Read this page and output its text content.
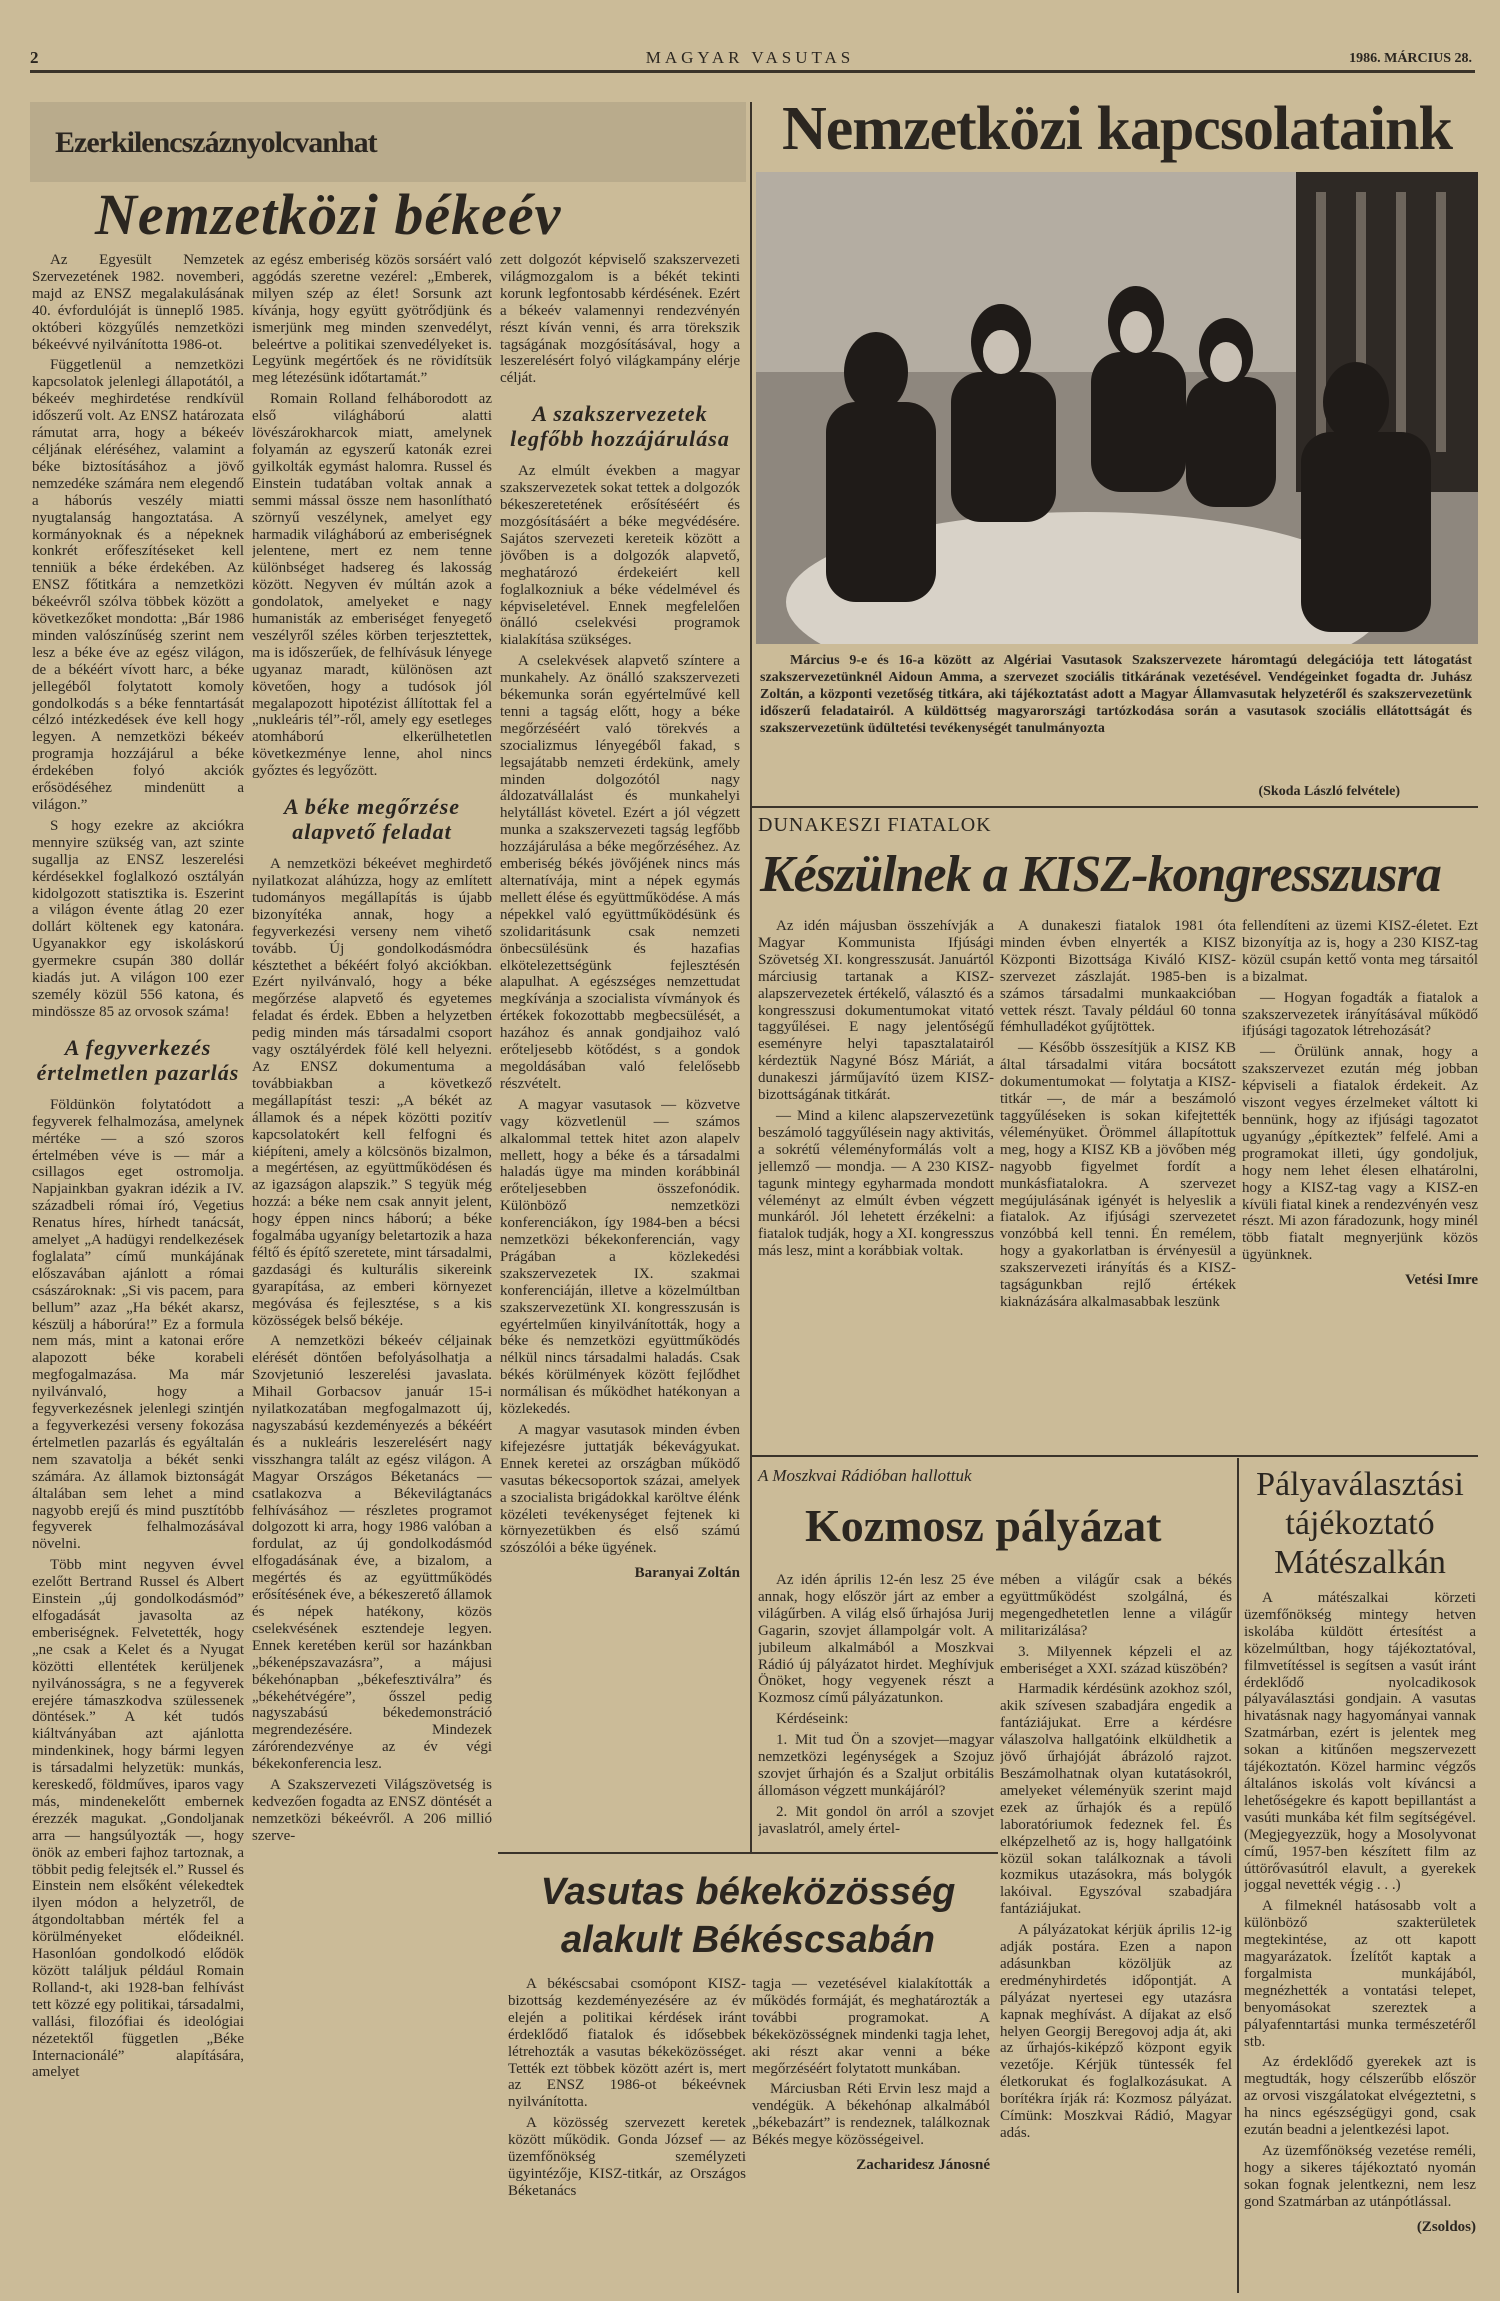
2	MAGYAR VASUTAS	1986. MÁRCIUS 28.
Ezerkilencszáznyolcvanhat
Nemzetközi békeév

Az Egyesült Nemzetek Szervezetének 1982. novemberi, majd az ENSZ megalakulásának 40. évfordulóját is ünneplő 1985. októberi közgyűlés nemzetközi békeévvé nyilvánította 1986-ot.

Függetlenül a nemzetközi kapcsolatok jelenlegi állapotától, a békeév meghirdetése rendkívül időszerű volt. Az ENSZ határozata rámutat arra, hogy a békeév céljának eléréséhez, valamint a béke biztosításához a jövő nemzedéke számára nem elegendő a háborús veszély miatti nyugtalanság hangoztatása. A kormányoknak és a népeknek konkrét erőfeszítéseket kell tenniük a béke érdekében. Az ENSZ főtitkára a nemzetközi békeévről szólva többek között a következőket mondotta: „Bár 1986 minden valószínűség szerint nem lesz a béke éve az egész világon, de a békéért vívott harc, a béke jellegéből folytatott komoly gondolkodás s a béke fenntartását célzó intézkedések éve kell hogy legyen. A nemzetközi békeév programja hozzájárul a béke érdekében folyó akciók erősödéséhez mindenütt a világon.”

S hogy ezekre az akciókra mennyire szükség van, azt szinte sugallja az ENSZ leszerelési kérdésekkel foglalkozó osztályán kidolgozott statisztika is. Eszerint a világon évente átlag 20 ezer dollárt költenek egy katonára. Ugyanakkor egy iskoláskorú gyermekre csupán 380 dollár kiadás jut. A világon 100 ezer személy közül 556 katona, és mindössze 85 az orvosok száma!

A fegyverkezés értelmetlen pazarlás

Földünkön folytatódott a fegyverek felhalmozása, amelynek mértéke — a szó szoros értelmében véve is — már a csillagos eget ostromolja. Napjainkban gyakran idézik a IV. századbeli római író, Vegetius Renatus híres, hírhedt tanácsát, amelyet „A hadügyi rendelkezések foglalata” című munkájának előszavában ajánlott a római császároknak: „Si vis pacem, para bellum” azaz „Ha békét akarsz, készülj a háborúra!” Ez a formula nem más, mint a katonai erőre alapozott béke korabeli megfogalmazása. Ma már nyilvánvaló, hogy a fegyverkezésnek jelenlegi szintjén a fegyverkezési verseny fokozása értelmetlen pazarlás és egyáltalán nem szavatolja a békét senki számára. Az államok biztonságát általában sem lehet a mind nagyobb erejű és mind pusztítóbb fegyverek felhalmozásával növelni.

Több mint negyven évvel ezelőtt Bertrand Russel és Albert Einstein „új gondolkodásmód” elfogadását javasolta az emberiségnek. Felvetették, hogy „ne csak a Kelet és a Nyugat közötti ellentétek kerüljenek nyilvánosságra, s ne a fegyverek erejére támaszkodva szülessenek döntések.” A két tudós kiáltványában azt ajánlotta mindenkinek, hogy bármi legyen is társadalmi helyzetük: munkás, kereskedő, földműves, iparos vagy más, mindenekelőtt embernek érezzék magukat. „Gondoljanak arra — hangsúlyozták —, hogy önök az emberi fajhoz tartoznak, a többit pedig felejtsék el.” Russel és Einstein nem elsőként vélekedtek ilyen módon a helyzetről, de átgondoltabban mérték fel a körülményeket elődeiknél. Hasonlóan gondolkodó elődök között találjuk például Romain Rolland-t, aki 1928-ban felhívást tett közzé egy politikai, társadalmi, vallási, filozófiai és ideológiai nézetektől független „Béke Internacionálé” alapítására, amelyet

az egész emberiség közös sorsáért való aggódás szeretne vezérel: „Emberek, milyen szép az élet! Sorsunk azt kívánja, hogy együtt gyötrődjünk és ismerjünk meg minden szenvedélyt, beleértve a politikai szenvedélyeket is. Legyünk megértőek és ne rövidítsük meg létezésünk időtartamát.”

Romain Rolland felháborodott az első világháború alatti lövészárokharcok miatt, amelynek folyamán az egyszerű katonák ezrei gyilkolták egymást halomra. Russel és Einstein tudatában voltak annak a semmi mással össze nem hasonlítható szörnyű veszélynek, amelyet egy harmadik világháború az emberiségnek jelentene, mert ez nem tenne különbséget hadsereg és lakosság között. Negyven év múltán azok a gondolatok, amelyeket e nagy humanisták az emberiséget fenyegető veszélyről széles körben terjesztettek, ma is időszerűek, de felhívásuk lényege ugyanaz maradt, különösen azt követően, hogy a tudósok jól megalapozott hipotézist állítottak fel a „nukleáris tél”-ről, amely egy esetleges atomháború elkerülhetetlen következménye lenne, ahol nincs győztes és legyőzött.

A béke megőrzése alapvető feladat

A nemzetközi békeévet meghirdető nyilatkozat aláhúzza, hogy az említett tudományos megállapítás is újabb bizonyítéka annak, hogy a fegyverkezési verseny nem vihető tovább. Új gondolkodásmódra késztethet a békéért folyó akciókban. Ezért nyilvánvaló, hogy a béke megőrzése alapvető és egyetemes feladat és érdek. Ebben a helyzetben pedig minden más társadalmi csoport vagy osztályérdek fölé kell helyezni. Az ENSZ dokumentuma a továbbiakban a következő megállapítást teszi: „A békét az államok és a népek közötti pozitív kapcsolatokért kell felfogni és kiépíteni, amely a kölcsönös bizalmon, a megértésen, az együttműködésen és az igazságon alapszik.” S tegyük még hozzá: a béke nem csak annyit jelent, hogy éppen nincs háború; a béke fogalmába ugyanígy beletartozik a haza féltő és építő szeretete, mint társadalmi, gazdasági és kulturális sikereink gyarapítása, az emberi környezet megóvása és fejlesztése, s a kis közösségek belső békéje.

A nemzetközi békeév céljainak elérését döntően befolyásolhatja a Szovjetunió leszerelési javaslata. Mihail Gorbacsov január 15-i nyilatkozatában megfogalmazott új, nagyszabású kezdeményezés a békéért és a nukleáris leszerelésért nagy visszhangra talált az egész világon. A Magyar Országos Béketanács — csatlakozva a Békevilágtanács felhívásához — részletes programot dolgozott ki arra, hogy 1986 valóban a fordulat, az új gondolkodásmód elfogadásának éve, a bizalom, a megértés és az együttműködés erősítésének éve, a békeszerető államok és népek hatékony, közös cselekvésének esztendeje legyen. Ennek keretében kerül sor hazánkban „békenépszavazásra”, a májusi békehónapban „békefesztiválra” és „békehétvégére”, ősszel pedig nagyszabású békedemonstráció megrendezésére. Mindezek zárórendezvénye az év végi békekonferencia lesz.

A Szakszervezeti Világszövetség is kedvezően fogadta az ENSZ döntését a nemzetközi békeévről. A 206 millió szerve-

zett dolgozót képviselő szakszervezeti világmozgalom is a békét tekinti korunk legfontosabb kérdésének. Ezért a békeév valamennyi rendezvényén részt kíván venni, és arra törekszik tagságának mozgósításával, hogy a leszerelésért folyó világkampány elérje célját.

A szakszervezetek legfőbb hozzájárulása

Az elmúlt években a magyar szakszervezetek sokat tettek a dolgozók békeszeretetének erősítéséért és mozgósításáért a béke megvédésére. Sajátos szervezeti kereteik között a jövőben is a dolgozók alapvető, meghatározó érdekeiért kell foglalkozniuk a béke védelmével és képviseletével. Ennek megfelelően önálló cselekvési programok kialakítása szükséges.

A cselekvések alapvető színtere a munkahely. Az önálló szakszervezeti békemunka során egyértelművé kell tenni a tagság előtt, hogy a béke megőrzéséért való törekvés a szocializmus lényegéből fakad, s legsajátabb nemzeti érdekünk, amely minden dolgozótól nagy áldozatvállalást és munkahelyi helytállást követel. Ezért a jól végzett munka a szakszervezeti tagság legfőbb hozzájárulása a béke megőrzéséhez. Az emberiség békés jövőjének nincs más alternatívája, mint a népek egymás mellett élése és együttműködése. A más népekkel való együttműködésünk és szolidaritásunk csak nemzeti önbecsülésünk és hazafias elkötelezettségünk fejlesztésén alapulhat. A egészséges nemzettudat megkívánja a szocialista vívmányok és értékek fokozottabb megbecsülését, a hazához és annak gondjaihoz való erőteljesebb kötődést, s a gondok megoldásában való felelősebb részvételt.

A magyar vasutasok — közvetve vagy közvetlenül — számos alkalommal tettek hitet azon alapelv mellett, hogy a béke és a társadalmi haladás ügye ma minden korábbinál erőteljesebben összefonódik. Különböző nemzetközi konferenciákon, így 1984-ben a bécsi nemzetközi békekonferencián, vagy Prágában a közlekedési szakszervezetek IX. szakmai konferenciáján, illetve a közelmúltban szakszervezetünk XI. kongresszusán is egyértelműen kinyilvánították, hogy a béke és nemzetközi együttműködés nélkül nincs társadalmi haladás. Csak békés körülmények között fejlődhet normálisan és működhet hatékonyan a közlekedés.

A magyar vasutasok minden évben kifejezésre juttatják békevágyukat. Ennek keretei az országban működő vasutas békecsoportok százai, amelyek a szocialista brigádokkal karöltve élénk közéleti tevékenységet fejtenek ki környezetükben és első számú szószólói a béke ügyének.

Baranyai Zoltán

Nemzetközi kapcsolataink
Március 9-e és 16-a között az Algériai Vasutasok Szakszervezete háromtagú delegációja tett látogatást szakszervezetünknél Aidoun Amma, a szervezet szociális titkárának vezetésével. Vendégeinket fogadta dr. Juhász Zoltán, a központi vezetőség titkára, aki tájékoztatást adott a Magyar Államvasutak helyzetéről és szakszervezetünk időszerű feladatairól. A küldöttség magyarországi tartózkodása során a vasutasok szociális ellátottságát és szakszervezetünk üdültetési tevékenységét tanulmányozta
(Skoda László felvétele)
DUNAKESZI FIATALOK
Készülnek a KISZ-kongresszusra

Az idén májusban összehívják a Magyar Kommunista Ifjúsági Szövetség XI. kongresszusát. Januártól márciusig tartanak a KISZ-alapszervezetek értékelő, választó és a kongresszusi dokumentumokat vitató taggyűlései. E nagy jelentőségű eseményre helyi tapasztalatairól kérdeztük Nagyné Bósz Máriát, a dunakeszi járműjavító üzem KISZ-bizottságának titkárát.

— Mind a kilenc alapszervezetünk beszámoló taggyűlésein nagy aktivitás, a sokrétű véleményformálás volt a jellemző — mondja. — A 230 KISZ-tagunk mintegy egyharmada mondott véleményt az elmúlt évben végzett munkáról. Jól lehetett érzékelni: a fiatalok tudják, hogy a XI. kongresszus más lesz, mint a korábbiak voltak.

A dunakeszi fiatalok 1981 óta minden évben elnyerték a KISZ Központi Bizottsága Kiváló KISZ-szervezet zászlaját. 1985-ben is számos társadalmi munkaakcióban vettek részt. Tavaly például 60 tonna fémhulladékot gyűjtöttek.

— Később összesítjük a KISZ KB által társadalmi vitára bocsátott dokumentumokat — folytatja a KISZ-titkár —, de már a beszámoló taggyűléseken is sokan kifejtették véleményüket. Örömmel állapítottuk meg, hogy a KISZ KB a jövőben még nagyobb figyelmet fordít a munkásfiatalokra. A szervezet megújulásának igényét is helyeslik a fiatalok. Az ifjúsági szervezetet vonzóbbá kell tenni. Én remélem, hogy a gyakorlatban is érvényesül a szakszervezeti irányítás és a KISZ-tagságunkban rejlő értékek kiaknázására alkalmasabbak leszünk

fellendíteni az üzemi KISZ-életet. Ezt bizonyítja az is, hogy a 230 KISZ-tag közül csupán kettő vonta meg társaitól a bizalmat.

— Hogyan fogadták a fiatalok a szakszervezetek irányításával működő ifjúsági tagozatok létrehozását?

— Örülünk annak, hogy a szakszervezet ezután még jobban képviseli a fiatalok érdekeit. Az viszont vegyes érzelmeket váltott ki bennünk, hogy az ifjúsági tagozatot ugyanúgy „építkeztek” felfelé. Ami a programokat illeti, úgy gondoljuk, hogy nem lehet élesen elhatárolni, hogy a KISZ-tag vagy a KISZ-en kívüli fiatal kinek a rendezvényén vesz részt. Mi azon fáradozunk, hogy minél több fiatalt megnyerjünk közös ügyünknek.

Vetési Imre

A Moszkvai Rádióban hallottuk
Kozmosz pályázat

Az idén április 12-én lesz 25 éve annak, hogy először járt az ember a világűrben. A világ első űrhajósa Jurij Gagarin, szovjet állampolgár volt. A jubileum alkalmából a Moszkvai Rádió új pályázatot hirdet. Meghívjuk Önöket, hogy vegyenek részt a Kozmosz című pályázatunkon.

Kérdéseink:

1. Mit tud Ön a szovjet—magyar nemzetközi legénységek a Szojuz szovjet űrhajón és a Szaljut orbitális állomáson végzett munkájáról?

2. Mit gondol ön arról a szovjet javaslatról, amely értel-

mében a világűr csak a békés együttműködést szolgálná, és megengedhetetlen lenne a világűr militarizálása?

3. Milyennek képzeli el az emberiséget a XXI. század küszöbén?

Harmadik kérdésünk azokhoz szól, akik szívesen szabadjára engedik a fantáziájukat. Erre a kérdésre válaszolva hallgatóink elküldhetik a jövő űrhajóját ábrázoló rajzot. Beszámolhatnak olyan kutatásokról, amelyeket véleményük szerint majd ezek az űrhajók és a repülő laboratóriumok fedeznek fel. És elképzelhető az is, hogy hallgatóink közül sokan találkoznak a távoli kozmikus utazásokra, más bolygók lakóival. Egyszóval szabadjára fantáziájukat.

A pályázatokat kérjük április 12-ig adják postára. Ezen a napon adásunkban közöljük az eredményhirdetés időpontját. A pályázat nyertesei egy utazásra kapnak meghívást. A díjakat az első helyen Georgij Beregovoj adja át, aki az űrhajós-kiképző központ egyik vezetője. Kérjük tüntessék fel életkorukat és foglalkozásukat. A borítékra írják rá: Kozmosz pályázat. Címünk: Moszkvai Rádió, Magyar adás.

Vasutas békeközösség
alakult Békéscsabán

A békéscsabai csomópont KISZ-bizottság kezdeményezésére az év elején a politikai kérdések iránt érdeklődő fiatalok és idősebbek létrehozták a vasutas békeközösséget. Tették ezt többek között azért is, mert az ENSZ 1986-ot békeévnek nyilvánította.

A közösség szervezett keretek között működik. Gonda József — az üzemfőnökség személyzeti ügyintézője, KISZ-titkár, az Országos Béketanács

tagja — vezetésével kialakították a működés formáját, és meghatározták a további programokat. A békeközösségnek mindenki tagja lehet, aki részt akar venni a béke megőrzéséért folytatott munkában.

Márciusban Réti Ervin lesz majd a vendégük. A békehónap alkalmából „békebazárt” is rendeznek, találkoznak Békés megye közösségeivel.

Zacharidesz Jánosné

Pályaválasztási
tájékoztató
Mátészalkán

A mátészalkai körzeti üzemfőnökség mintegy hetven iskolába küldött értesítést a közelmúltban, hogy tájékoztatóval, filmvetítéssel is segítsen a vasút iránt érdeklődő nyolcadikosok pályaválasztási gondjain. A vasutas hivatásnak nagy hagyományai vannak Szatmárban, ezért is jelentek meg sokan a kitűnően megszervezett tájékoztatón. Közel harminc végzős általános iskolás volt kíváncsi a lehetőségekre és kapott bepillantást a vasúti munkába két film segítségével. (Megjegyezzük, hogy a Mosolyvonat című, 1957-ben készített film az úttörővasútról elavult, a gyerekek joggal nevették végig . . .)

A filmeknél hatásosabb volt a különböző szakterületek megtekintése, az ott kapott magyarázatok. Ízelítőt kaptak a forgalmista munkájából, megnézhették a vontatási telepet, benyomásokat szereztek a pályafenntartási munka természetéről stb.

Az érdeklődő gyerekek azt is megtudták, hogy célszerűbb először az orvosi viszgálatokat elvégeztetni, s ha nincs egészségügyi gond, csak ezután beadni a jelentkezési lapot.

Az üzemfőnökség vezetése reméli, hogy a sikeres tájékoztató nyomán sokan fognak jelentkezni, nem lesz gond Szatmárban az utánpótlással.

(Zsoldos)
